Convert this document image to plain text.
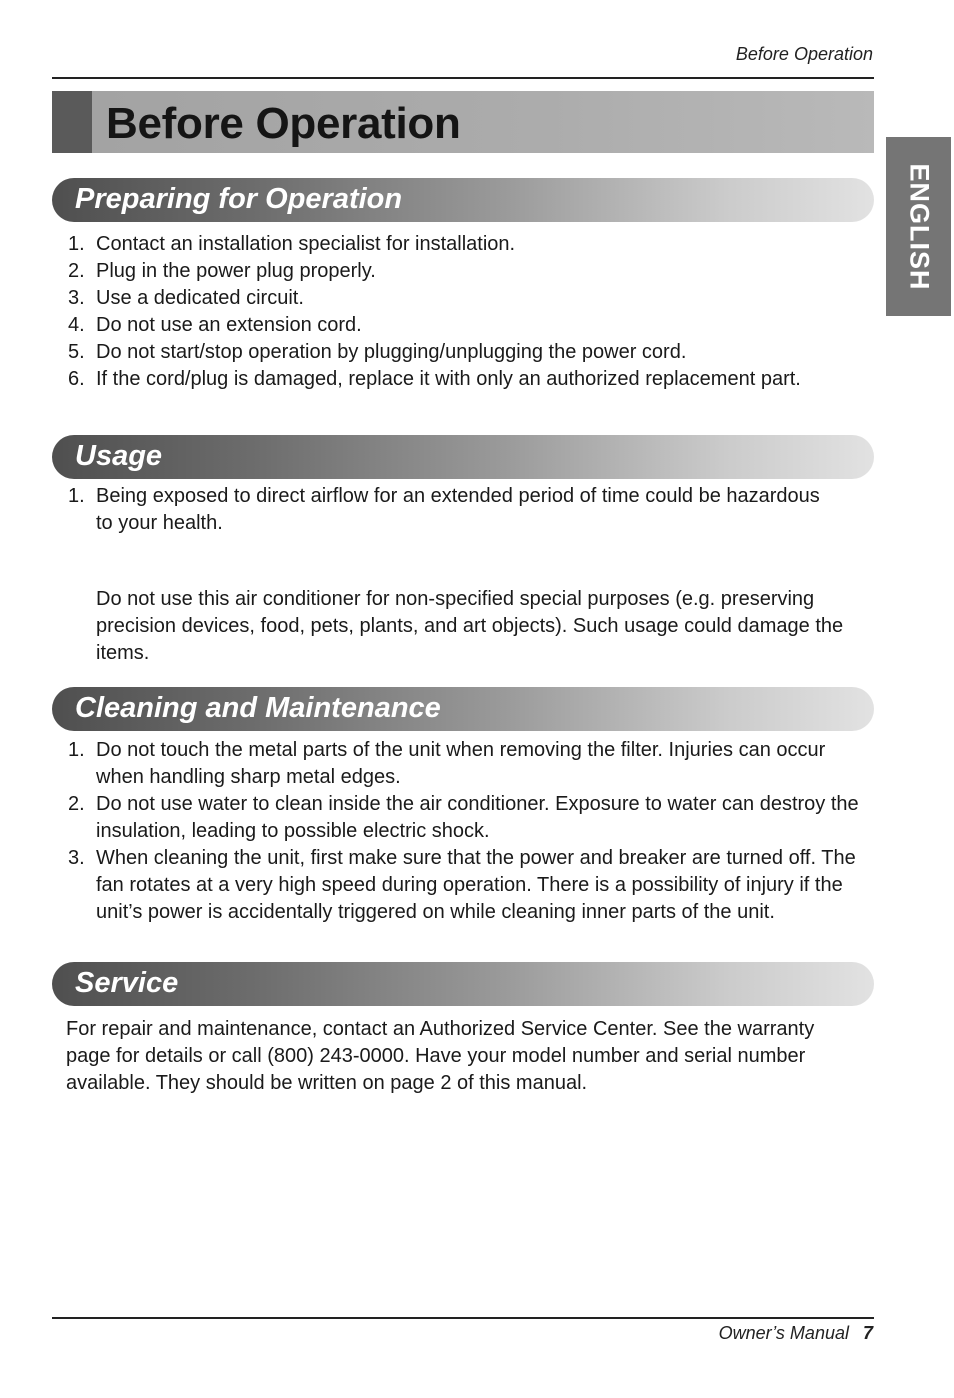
Before Operation
Before Operation
ENGLISH
Preparing for Operation
1. Contact an installation specialist for installation.
2. Plug in the power plug properly.
3. Use a dedicated circuit.
4. Do not use an extension cord.
5. Do not start/stop operation by plugging/unplugging the power cord.
6. If the cord/plug is damaged, replace it with only an authorized replacement part.
Usage
1. Being exposed to direct airflow for an extended period of time could be hazardous to your health.

Do not use this air conditioner for non-specified special purposes (e.g. preserving precision devices, food, pets, plants, and art objects). Such usage could damage the items.

Cleaning and Maintenance
1. Do not touch the metal parts of the unit when removing the filter. Injuries can occur when handling sharp metal edges.
2. Do not use water to clean inside the air conditioner. Exposure to water can destroy the insulation, leading to possible electric shock.
3. When cleaning the unit, first make sure that the power and breaker are turned off. The fan rotates at a very high speed during operation. There is a possibility of injury if the unit’s power is accidentally triggered on while cleaning inner parts of the unit.
Service

For repair and maintenance, contact an Authorized Service Center. See the warranty page for details or call (800) 243-0000. Have your model number and serial number available. They should be written on page 2 of this manual.

Owner’s Manual 7
